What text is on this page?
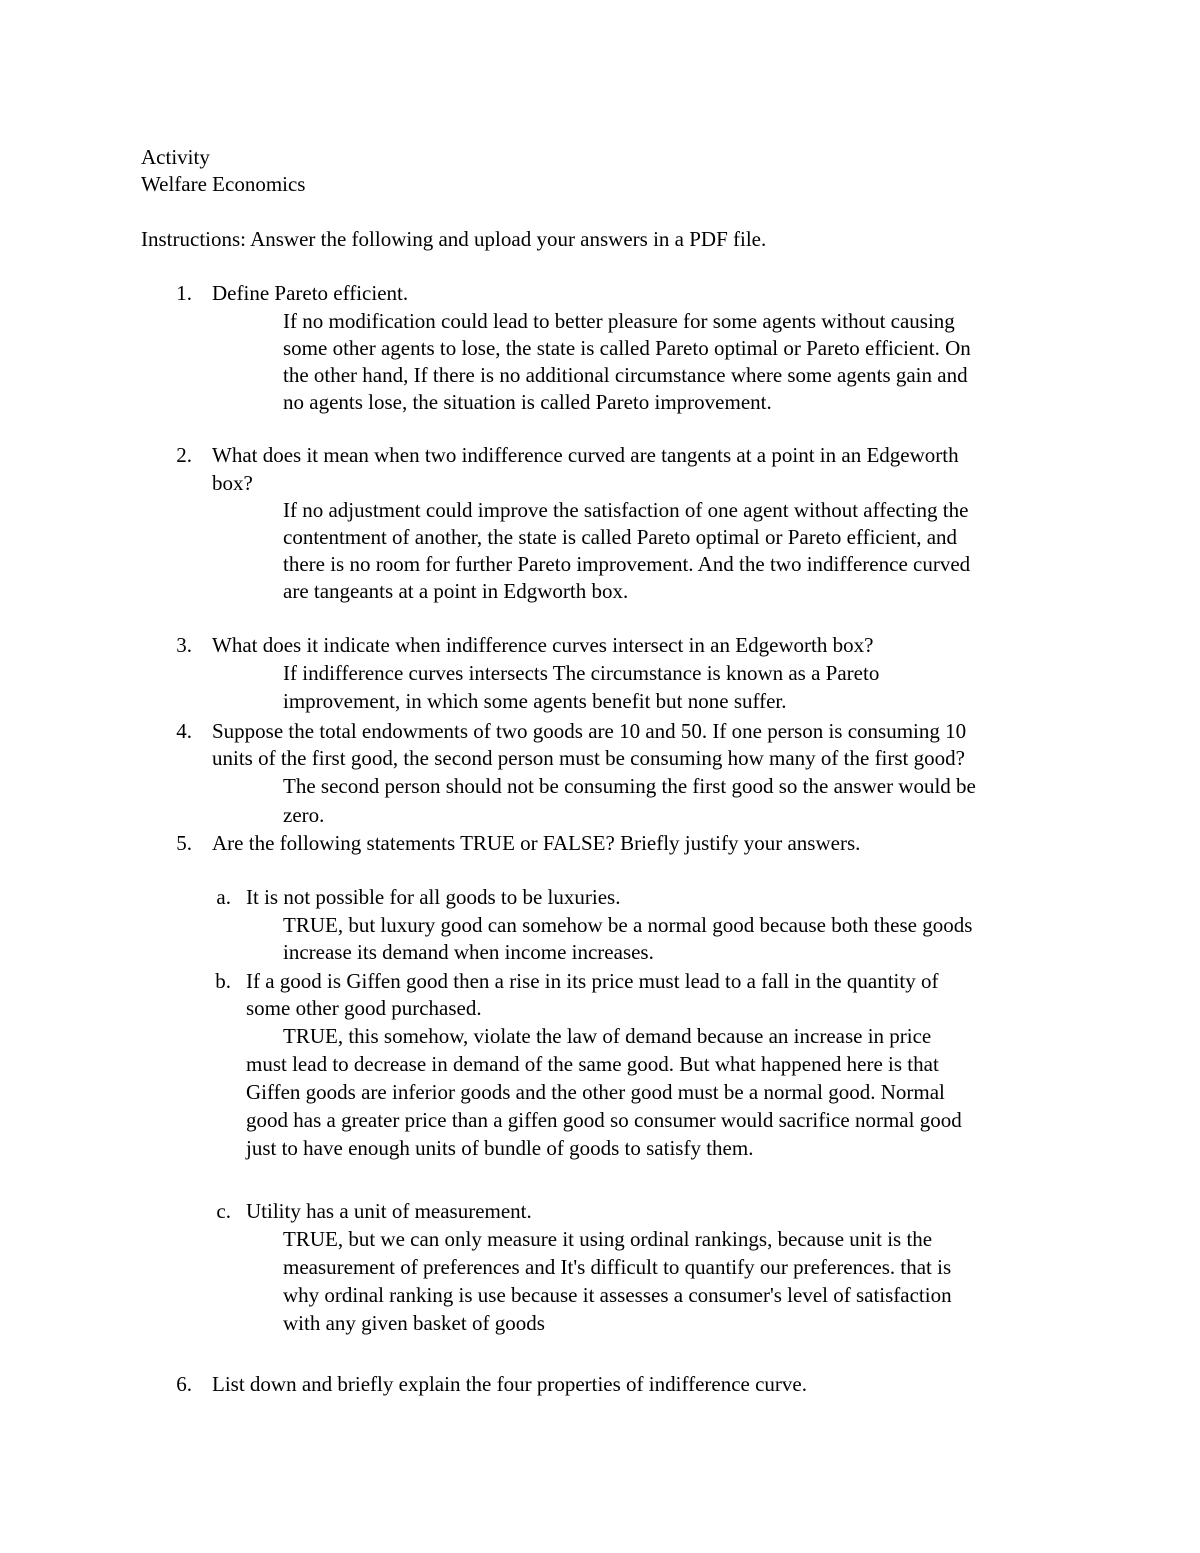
Activity
Welfare Economics
Instructions: Answer the following and upload your answers in a PDF file.
1. Define Pareto efficient.
If no modification could lead to better pleasure for some agents without causing
some other agents to lose, the state is called Pareto optimal or Pareto efficient. On
the other hand, If there is no additional circumstance where some agents gain and
no agents lose, the situation is called Pareto improvement.
2. What does it mean when two indifference curved are tangents at a point in an Edgeworth
box?
If no adjustment could improve the satisfaction of one agent without affecting the
contentment of another, the state is called Pareto optimal or Pareto efficient, and
there is no room for further Pareto improvement. And the two indifference curved
are tangeants at a point in Edgworth box.
3. What does it indicate when indifference curves intersect in an Edgeworth box?
If indifference curves intersects The circumstance is known as a Pareto
improvement, in which some agents benefit but none suffer.
4. Suppose the total endowments of two goods are 10 and 50. If one person is consuming 10
units of the first good, the second person must be consuming how many of the first good?
The second person should not be consuming the first good so the answer would be
zero.
5. Are the following statements TRUE or FALSE? Briefly justify your answers.
a. It is not possible for all goods to be luxuries.
TRUE, but luxury good can somehow be a normal good because both these goods
increase its demand when income increases.
b. If a good is Giffen good then a rise in its price must lead to a fall in the quantity of
some other good purchased.
TRUE, this somehow, violate the law of demand because an increase in price
must lead to decrease in demand of the same good. But what happened here is that
Giffen goods are inferior goods and the other good must be a normal good. Normal
good has a greater price than a giffen good so consumer would sacrifice normal good
just to have enough units of bundle of goods to satisfy them.
c. Utility has a unit of measurement.
TRUE, but we can only measure it using ordinal rankings, because unit is the
measurement of preferences and It's difficult to quantify our preferences. that is
why ordinal ranking is use because it assesses a consumer's level of satisfaction
with any given basket of goods
6. List down and briefly explain the four properties of indifference curve.
